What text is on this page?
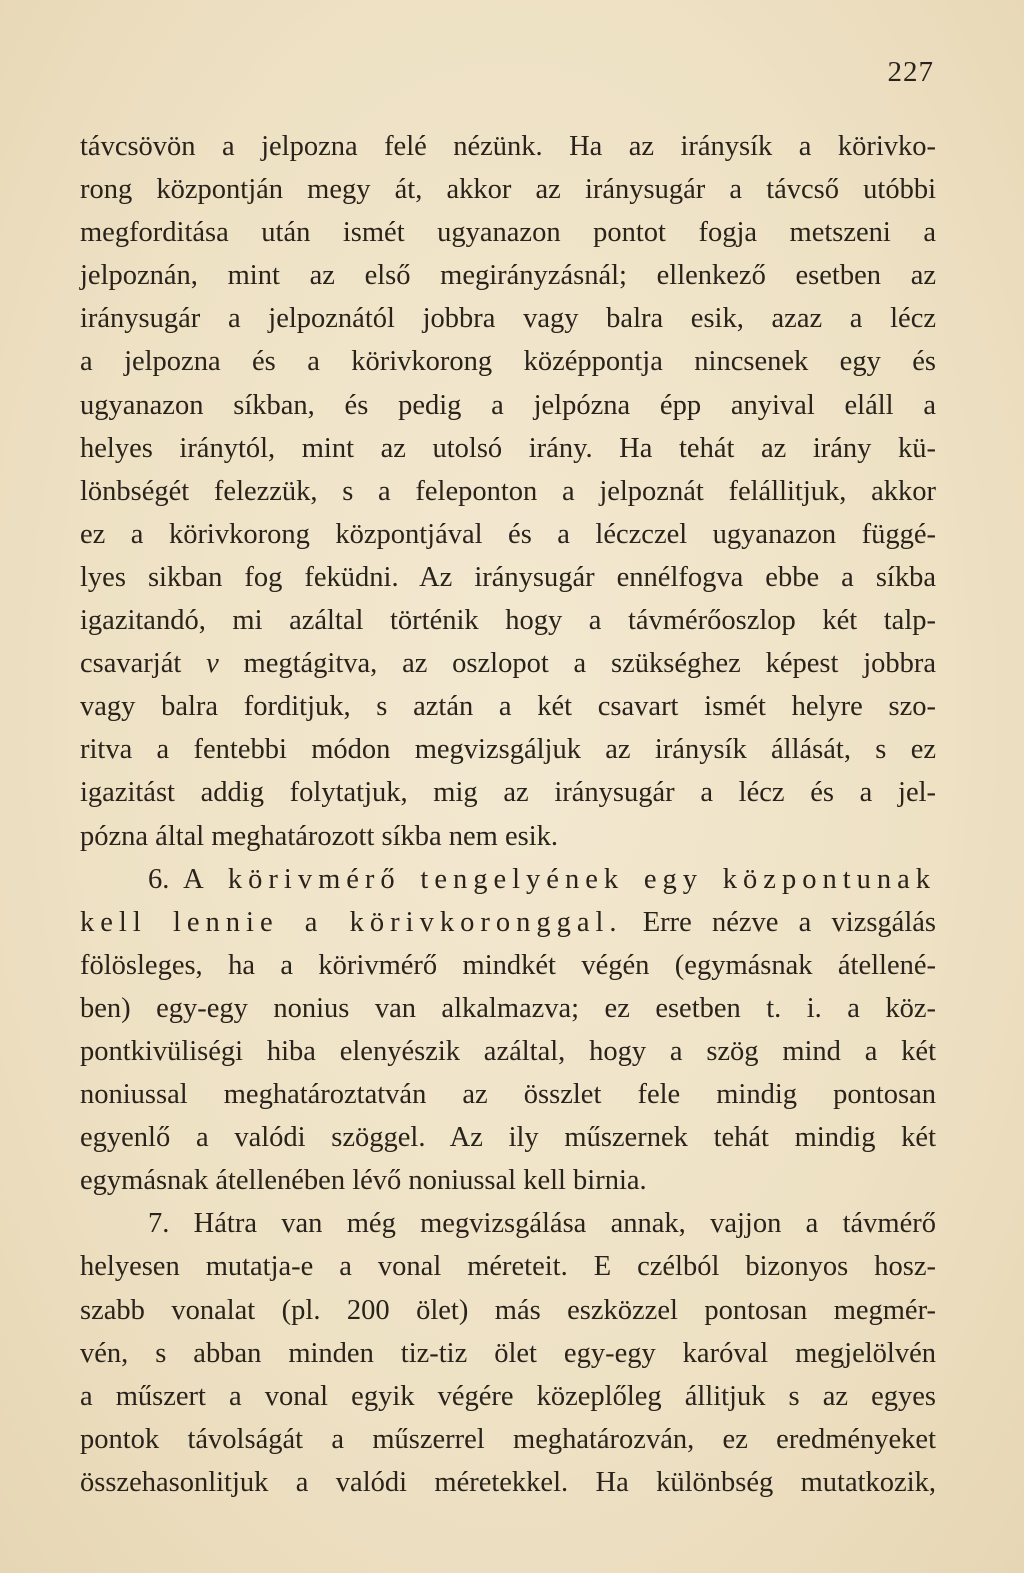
227
távcsövön a jelpozna felé nézünk. Ha az iránysík a körivko-
rong központján megy át, akkor az iránysugár a távcső utóbbi
megforditása után ismét ugyanazon pontot fogja metszeni a
jelpoznán, mint az első megirányzásnál; ellenkező esetben az
iránysugár a jelpoznától jobbra vagy balra esik, azaz a lécz
a jelpozna és a körivkorong középpontja nincsenek egy és
ugyanazon síkban, és pedig a jelpózna épp anyival eláll a
helyes iránytól, mint az utolsó irány. Ha tehát az irány kü-
lönbségét felezzük, s a feleponton a jelpoznát felállitjuk, akkor
ez a körivkorong központjával és a léczczel ugyanazon függé-
lyes sikban fog feküdni. Az iránysugár ennélfogva ebbe a síkba
igazitandó, mi azáltal történik hogy a távmérőoszlop két talp-
csavarját v megtágitva, az oszlopot a szükséghez képest jobbra
vagy balra forditjuk, s aztán a két csavart ismét helyre szo-
ritva a fentebbi módon megvizsgáljuk az iránysík állását, s ez
igazitást addig folytatjuk, mig az iránysugár a lécz és a jel-
pózna által meghatározott síkba nem esik.
6. A körivmérő tengelyének egy központunak
kell lennie a körivkoronggal. Erre nézve a vizsgálás
fölösleges, ha a körivmérő mindkét végén (egymásnak átellené-
ben) egy-egy nonius van alkalmazva; ez esetben t. i. a köz-
pontkivüliségi hiba elenyészik azáltal, hogy a szög mind a két
noniussal meghatároztatván az összlet fele mindig pontosan
egyenlő a valódi szöggel. Az ily műszernek tehát mindig két
egymásnak átellenében lévő noniussal kell birnia.
7. Hátra van még megvizsgálása annak, vajjon a távmérő
helyesen mutatja-e a vonal méreteit. E czélból bizonyos hosz-
szabb vonalat (pl. 200 ölet) más eszközzel pontosan megmér-
vén, s abban minden tiz-tiz ölet egy-egy karóval megjelölvén
a műszert a vonal egyik végére közeplőleg állitjuk s az egyes
pontok távolságát a műszerrel meghatározván, ez eredményeket
összehasonlitjuk a valódi méretekkel. Ha különbség mutatkozik,
